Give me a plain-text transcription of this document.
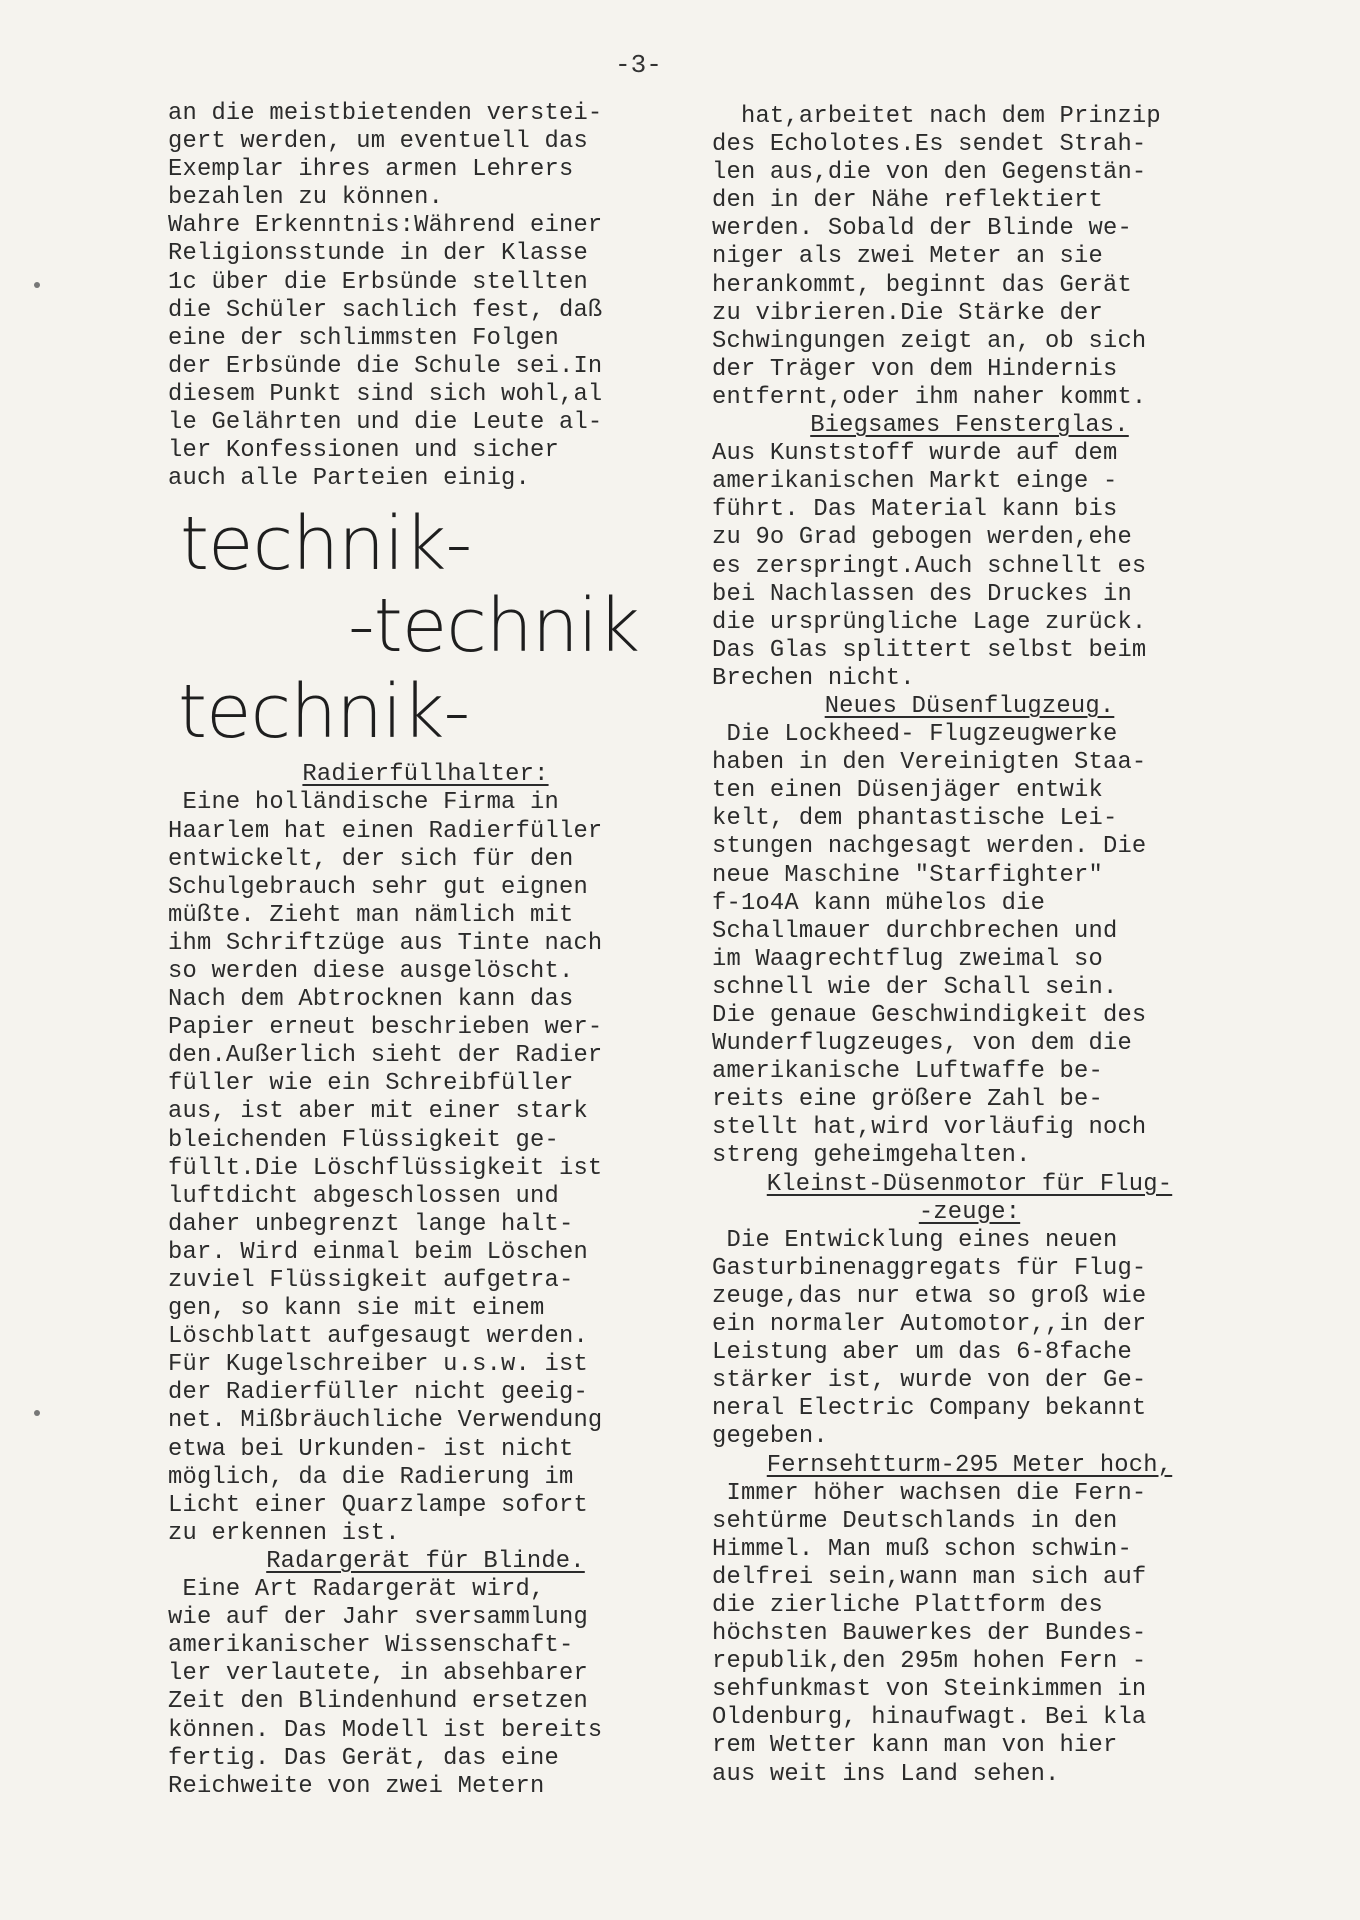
-3-

an die meistbietenden verstei-

gert werden, um eventuell das

Exemplar ihres armen Lehrers

bezahlen zu können.

Wahre Erkenntnis:Während einer

Religionsstunde in der Klasse

1c über die Erbsünde stellten

die Schüler sachlich fest, daß

eine der schlimmsten Folgen

der Erbsünde die Schule sei.In

diesem Punkt sind sich wohl,al

le Gelährten und die Leute al-

ler Konfessionen und sicher

auch alle Parteien einig.

technik-
-technik
technik-

Radierfüllhalter:

Eine holländische Firma in

Haarlem hat einen Radierfüller

entwickelt, der sich für den

Schulgebrauch sehr gut eignen

müßte. Zieht man nämlich mit

ihm Schriftzüge aus Tinte nach

so werden diese ausgelöscht.

Nach dem Abtrocknen kann das

Papier erneut beschrieben wer-

den.Außerlich sieht der Radier

füller wie ein Schreibfüller

aus, ist aber mit einer stark

bleichenden Flüssigkeit ge-

füllt.Die Löschflüssigkeit ist

luftdicht abgeschlossen und

daher unbegrenzt lange halt-

bar. Wird einmal beim Löschen

zuviel Flüssigkeit aufgetra-

gen, so kann sie mit einem

Löschblatt aufgesaugt werden.

Für Kugelschreiber u.s.w. ist

der Radierfüller nicht geeig-

net. Mißbräuchliche Verwendung

etwa bei Urkunden- ist nicht

möglich, da die Radierung im

Licht einer Quarzlampe sofort

zu erkennen ist.

Radargerät für Blinde.

Eine Art Radargerät wird,

wie auf der Jahr sversammlung

amerikanischer Wissenschaft-

ler verlautete, in absehbarer

Zeit den Blindenhund ersetzen

können. Das Modell ist bereits

fertig. Das Gerät, das eine

Reichweite von zwei Metern

hat,arbeitet nach dem Prinzip

des Echolotes.Es sendet Strah-

len aus,die von den Gegenstän-

den in der Nähe reflektiert

werden. Sobald der Blinde we-

niger als zwei Meter an sie

herankommt, beginnt das Gerät

zu vibrieren.Die Stärke der

Schwingungen zeigt an, ob sich

der Träger von dem Hindernis

entfernt,oder ihm naher kommt.

Biegsames Fensterglas.

Aus Kunststoff wurde auf dem

amerikanischen Markt einge -

führt. Das Material kann bis

zu 9o Grad gebogen werden,ehe

es zerspringt.Auch schnellt es

bei Nachlassen des Druckes in

die ursprüngliche Lage zurück.

Das Glas splittert selbst beim

Brechen nicht.

Neues Düsenflugzeug.

Die Lockheed- Flugzeugwerke

haben in den Vereinigten Staa-

ten einen Düsenjäger entwik

kelt, dem phantastische Lei-

stungen nachgesagt werden. Die

neue Maschine "Starfighter"

f-1o4A kann mühelos die

Schallmauer durchbrechen und

im Waagrechtflug zweimal so

schnell wie der Schall sein.

Die genaue Geschwindigkeit des

Wunderflugzeuges, von dem die

amerikanische Luftwaffe be-

reits eine größere Zahl be-

stellt hat,wird vorläufig noch

streng geheimgehalten.

Kleinst-Düsenmotor für Flug-

-zeuge:

Die Entwicklung eines neuen

Gasturbinenaggregats für Flug-

zeuge,das nur etwa so groß wie

ein normaler Automotor,,in der

Leistung aber um das 6-8fache

stärker ist, wurde von der Ge-

neral Electric Company bekannt

gegeben.

Fernsehtturm-295 Meter hoch,

Immer höher wachsen die Fern-

sehtürme Deutschlands in den

Himmel. Man muß schon schwin-

delfrei sein,wann man sich auf

die zierliche Plattform des

höchsten Bauwerkes der Bundes-

republik,den 295m hohen Fern -

sehfunkmast von Steinkimmen in

Oldenburg, hinaufwagt. Bei kla

rem Wetter kann man von hier

aus weit ins Land sehen.
